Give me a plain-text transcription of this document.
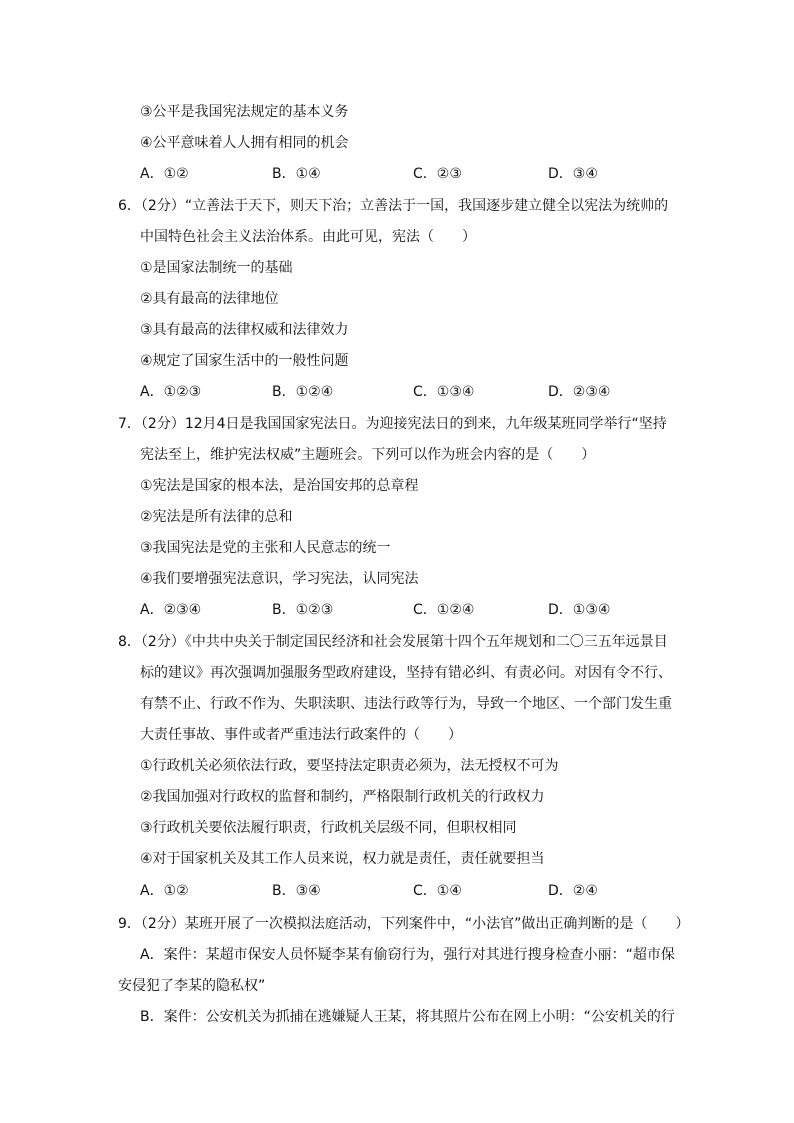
③公平是我国宪法规定的基本义务
④公平意味着人人拥有相同的机会
A．①②	B．①④	C．②③	D．③④
6．（2分）“立善法于天下，则天下治；立善法于一国，我国逐步建立健全以宪法为统帅的
中国特色社会主义法治体系。由此可见，宪法（　　）
①是国家法制统一的基础
②具有最高的法律地位
③具有最高的法律权威和法律效力
④规定了国家生活中的一般性问题
A．①②③	B．①②④	C．①③④	D．②③④
7．（2分）12月4日是我国国家宪法日。为迎接宪法日的到来，九年级某班同学举行“坚持
宪法至上，维护宪法权威”主题班会。下列可以作为班会内容的是（　　）
①宪法是国家的根本法，是治国安邦的总章程
②宪法是所有法律的总和
③我国宪法是党的主张和人民意志的统一
④我们要增强宪法意识，学习宪法，认同宪法
A．②③④	B．①②③	C．①②④	D．①③④
8．（2分）《中共中央关于制定国民经济和社会发展第十四个五年规划和二〇三五年远景目
标的建议》再次强调加强服务型政府建设，坚持有错必纠、有责必问。对因有令不行、
有禁不止、行政不作为、失职渎职、违法行政等行为，导致一个地区、一个部门发生重
大责任事故、事件或者严重违法行政案件的（　　）
①行政机关必须依法行政，要坚持法定职责必须为，法无授权不可为
②我国加强对行政权的监督和制约，严格限制行政机关的行政权力
③行政机关要依法履行职责，行政机关层级不同，但职权相同
④对于国家机关及其工作人员来说，权力就是责任，责任就要担当
A．①②	B．③④	C．①④	D．②④
9．（2分）某班开展了一次模拟法庭活动，下列案件中，“小法官”做出正确判断的是（　　）
A．案件：某超市保安人员怀疑李某有偷窃行为，强行对其进行搜身检查小丽：“超市保
安侵犯了李某的隐私权”
B．案件：公安机关为抓捕在逃嫌疑人王某，将其照片公布在网上小明：“公安机关的行
